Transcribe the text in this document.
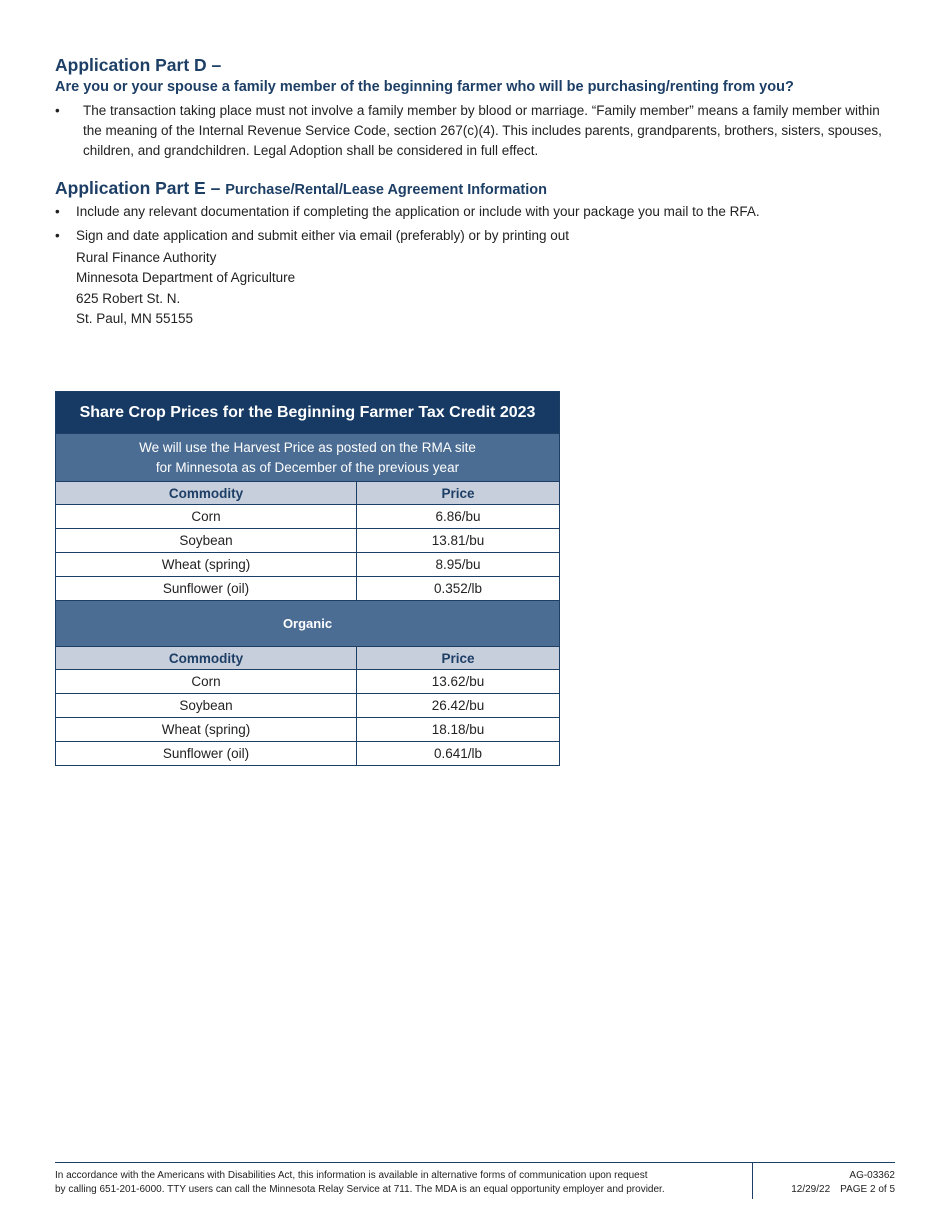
Application Part D –
Are you or your spouse a family member of the beginning farmer who will be purchasing/renting from you?
• The transaction taking place must not involve a family member by blood or marriage. “Family member” means a family member within the meaning of the Internal Revenue Service Code, section 267(c)(4). This includes parents, grandparents, brothers, sisters, spouses, children, and grandchildren. Legal Adoption shall be considered in full effect.
Application Part E – Purchase/Rental/Lease Agreement Information
• Include any relevant documentation if completing the application or include with your package you mail to the RFA.
• Sign and date application and submit either via email (preferably) or by printing out
Rural Finance Authority
Minnesota Department of Agriculture
625 Robert St. N.
St. Paul, MN 55155
Share Crop Prices for the Beginning Farmer Tax Credit 2023	
We will use the Harvest Price as posted on the RMA site
for Minnesota as of December of the previous year	
Commodity	Price
Corn	6.86/bu
Soybean	13.81/bu
Wheat (spring)	8.95/bu
Sunflower (oil)	0.352/lb
Organic	
Commodity	Price
Corn	13.62/bu
Soybean	26.42/bu
Wheat (spring)	18.18/bu
Sunflower (oil)	0.641/lb
In accordance with the Americans with Disabilities Act, this information is available in alternative forms of communication upon request
by calling 651-201-6000. TTY users can call the Minnesota Relay Service at 711. The MDA is an equal opportunity employer and provider.
AG-03362
12/29/22 PAGE 2 of 5
